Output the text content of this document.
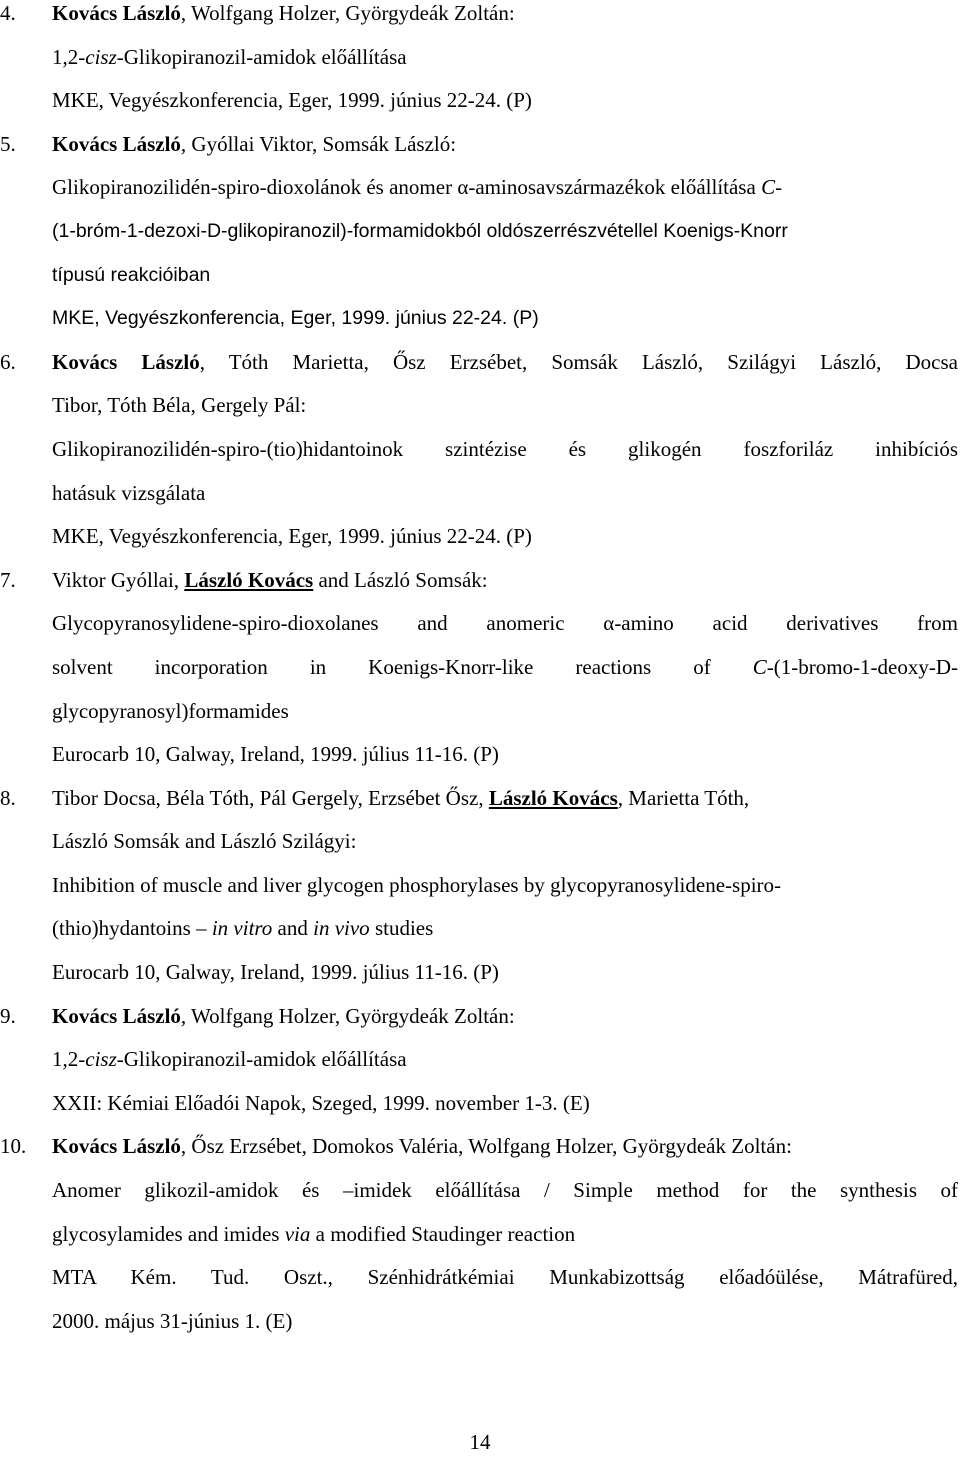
4. Kovács László, Wolfgang Holzer, Györgydeák Zoltán:
1,2-cisz-Glikopiranozil-amidok előállítása
MKE, Vegyészkonferencia, Eger, 1999. június 22-24. (P)
5. Kovács László, Gyóllai Viktor, Somsák László:
Glikopiranozilidén-spiro-dioxolánok és anomer α-aminosavszármazékok előállítása C-
(1-bróm-1-dezoxi-D-glikopiranozil)-formamidokból oldószerrészvétellel Koenigs-Knorr
típusú reakcióiban
MKE, Vegyészkonferencia, Eger, 1999. június 22-24. (P)
6. Kovács László, Tóth Marietta, Ősz Erzsébet, Somsák László, Szilágyi László, Docsa
Tibor, Tóth Béla, Gergely Pál:
Glikopiranozilidén-spiro-(tio)hidantoinok szintézise és glikogén foszforiláz inhibíciós
hatásuk vizsgálata
MKE, Vegyészkonferencia, Eger, 1999. június 22-24. (P)
7. Viktor Gyóllai, László Kovács and László Somsák:
Glycopyranosylidene-spiro-dioxolanes and anomeric α-amino acid derivatives from
solvent incorporation in Koenigs-Knorr-like reactions of C-(1-bromo-1-deoxy-D-
glycopyranosyl)formamides
Eurocarb 10, Galway, Ireland, 1999. július 11-16. (P)
8. Tibor Docsa, Béla Tóth, Pál Gergely, Erzsébet Ősz, László Kovács, Marietta Tóth,
László Somsák and László Szilágyi:
Inhibition of muscle and liver glycogen phosphorylases by glycopyranosylidene-spiro-
(thio)hydantoins – in vitro and in vivo studies
Eurocarb 10, Galway, Ireland, 1999. július 11-16. (P)
9. Kovács László, Wolfgang Holzer, Györgydeák Zoltán:
1,2-cisz-Glikopiranozil-amidok előállítása
XXII: Kémiai Előadói Napok, Szeged, 1999. november 1-3. (E)
10. Kovács László, Ősz Erzsébet, Domokos Valéria, Wolfgang Holzer, Györgydeák Zoltán:
Anomer glikozil-amidok és –imidek előállítása / Simple method for the synthesis of
glycosylamides and imides via a modified Staudinger reaction
MTA Kém. Tud. Oszt., Szénhidrátkémiai Munkabizottság előadóülése, Mátrafüred,
2000. május 31-június 1. (E)
14
